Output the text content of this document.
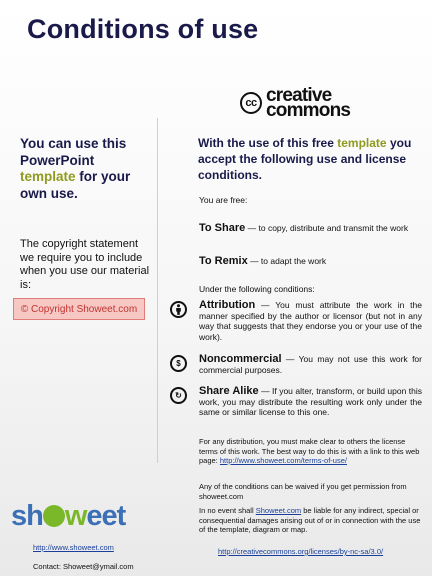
Conditions of use
cc creative
commons
You can use this PowerPoint template for your own use.
The copyright statement we require you to include when you use our material is:
© Copyright Showeet.com
With the use of this free template you accept the following use and license conditions.
You are free:
To Share — to copy, distribute and transmit the work
To Remix — to adapt the work
Under the following conditions:
Attribution — You must attribute the work in the manner specified by the author or licensor (but not in any way that suggests that they endorse you or your use of the work).
$	Noncommercial — You may not use this work for commercial purposes.
↻	Share Alike — If you alter, transform, or build upon this work, you may distribute the resulting work only under the same or similar license to this one.
For any distribution, you must make clear to others the license terms of this work. The best way to do this is with a link to this web page: http://www.showeet.com/terms-of-use/
Any of the conditions can be waived if you get permission from showeet.com
In no event shall Showeet.com be liable for any indirect, special or consequential damages arising out of or in connection with the use of the template, diagram or map.
sh weet
http://www.showeet.com
Contact: Showeet@ymail.com
http://creativecommons.org/licenses/by-nc-sa/3.0/
